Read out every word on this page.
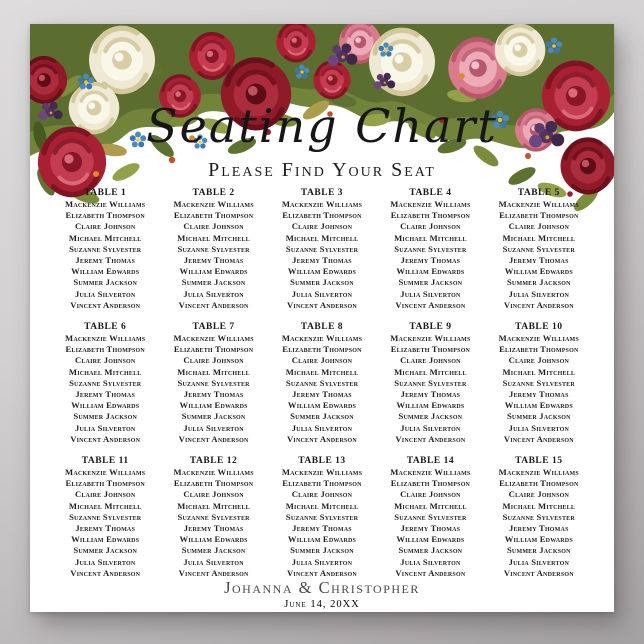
Seating Chart
Please Find Your Seat
TABLE 1
Mackenzie Williams
Elizabeth Thompson
Claire Johnson
Michael Mitchell
Suzanne Sylvester
Jeremy Thomas
William Edwards
Summer Jackson
Julia Silverton
Vincent Anderson
TABLE 2
Mackenzie Williams
Elizabeth Thompson
Claire Johnson
Michael Mitchell
Suzanne Sylvester
Jeremy Thomas
William Edwards
Summer Jackson
Julia Silverton
Vincent Anderson
TABLE 3
Mackenzie Williams
Elizabeth Thompson
Claire Johnson
Michael Mitchell
Suzanne Sylvester
Jeremy Thomas
William Edwards
Summer Jackson
Julia Silverton
Vincent Anderson
TABLE 4
Mackenzie Williams
Elizabeth Thompson
Claire Johnson
Michael Mitchell
Suzanne Sylvester
Jeremy Thomas
William Edwards
Summer Jackson
Julia Silverton
Vincent Anderson
TABLE 5
Mackenzie Williams
Elizabeth Thompson
Claire Johnson
Michael Mitchell
Suzanne Sylvester
Jeremy Thomas
William Edwards
Summer Jackson
Julia Silverton
Vincent Anderson
TABLE 6
Mackenzie Williams
Elizabeth Thompson
Claire Johnson
Michael Mitchell
Suzanne Sylvester
Jeremy Thomas
William Edwards
Summer Jackson
Julia Silverton
Vincent Anderson
TABLE 7
Mackenzie Williams
Elizabeth Thompson
Claire Johnson
Michael Mitchell
Suzanne Sylvester
Jeremy Thomas
William Edwards
Summer Jackson
Julia Silverton
Vincent Anderson
TABLE 8
Mackenzie Williams
Elizabeth Thompson
Claire Johnson
Michael Mitchell
Suzanne Sylvester
Jeremy Thomas
William Edwards
Summer Jackson
Julia Silverton
Vincent Anderson
TABLE 9
Mackenzie Williams
Elizabeth Thompson
Claire Johnson
Michael Mitchell
Suzanne Sylvester
Jeremy Thomas
William Edwards
Summer Jackson
Julia Silverton
Vincent Anderson
TABLE 10
Mackenzie Williams
Elizabeth Thompson
Claire Johnson
Michael Mitchell
Suzanne Sylvester
Jeremy Thomas
William Edwards
Summer Jackson
Julia Silverton
Vincent Anderson
TABLE 11
Mackenzie Williams
Elizabeth Thompson
Claire Johnson
Michael Mitchell
Suzanne Sylvester
Jeremy Thomas
William Edwards
Summer Jackson
Julia Silverton
Vincent Anderson
TABLE 12
Mackenzie Williams
Elizabeth Thompson
Claire Johnson
Michael Mitchell
Suzanne Sylvester
Jeremy Thomas
William Edwards
Summer Jackson
Julia Silverton
Vincent Anderson
TABLE 13
Mackenzie Williams
Elizabeth Thompson
Claire Johnson
Michael Mitchell
Suzanne Sylvester
Jeremy Thomas
William Edwards
Summer Jackson
Julia Silverton
Vincent Anderson
TABLE 14
Mackenzie Williams
Elizabeth Thompson
Claire Johnson
Michael Mitchell
Suzanne Sylvester
Jeremy Thomas
William Edwards
Summer Jackson
Julia Silverton
Vincent Anderson
TABLE 15
Mackenzie Williams
Elizabeth Thompson
Claire Johnson
Michael Mitchell
Suzanne Sylvester
Jeremy Thomas
William Edwards
Summer Jackson
Julia Silverton
Vincent Anderson
Johanna & Christopher
June 14, 20XX
